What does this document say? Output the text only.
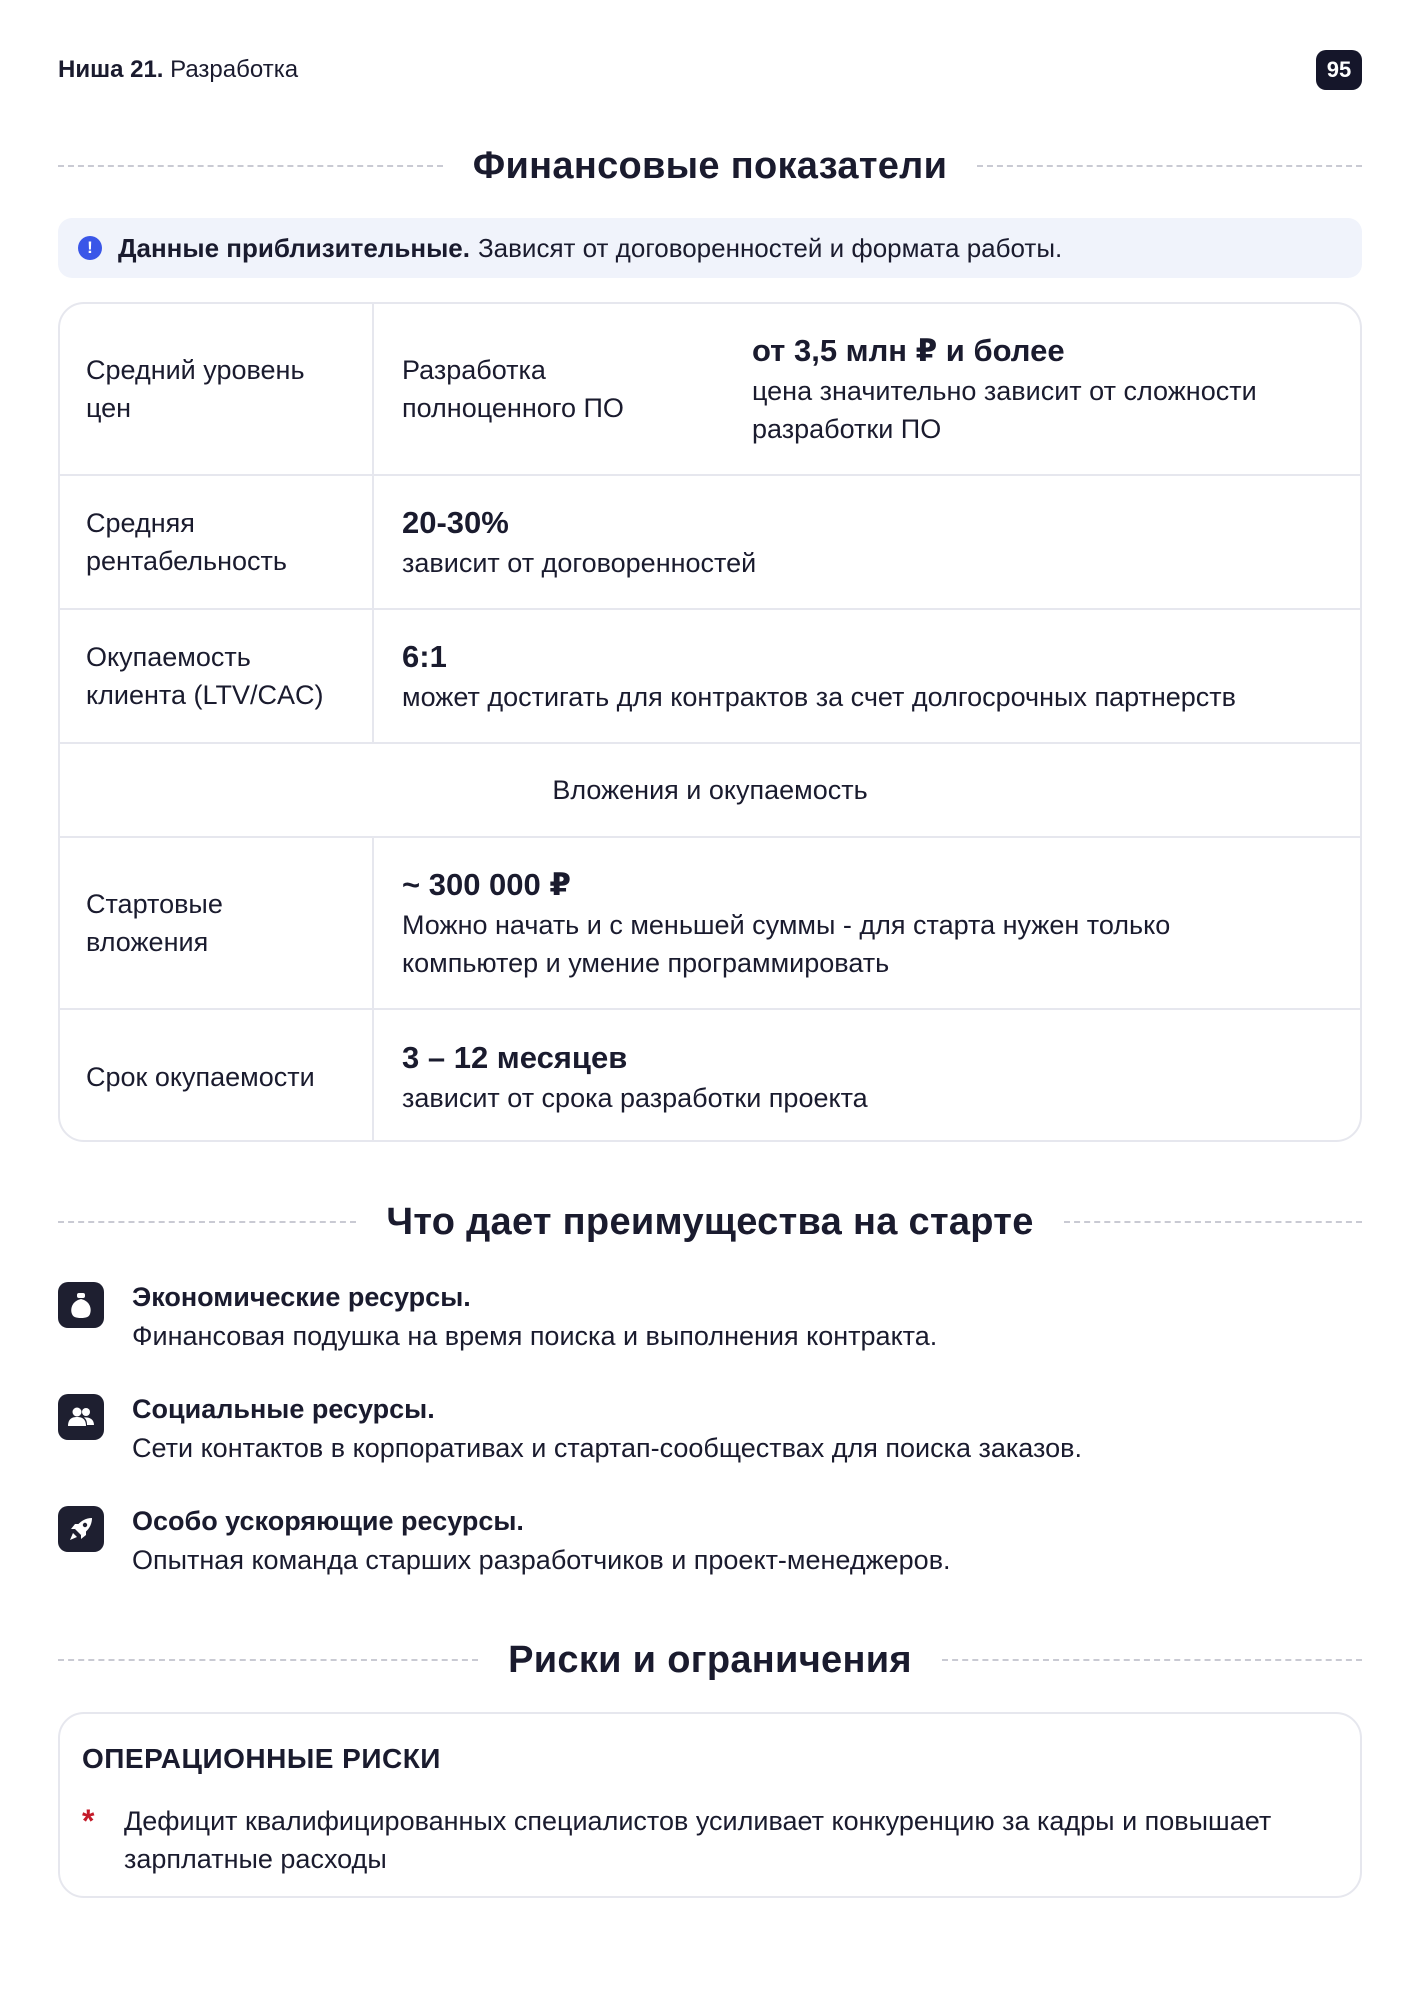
Ниша 21. Разработка	95
Финансовые показатели
! Данные приблизительные. Зависят от договоренностей и формата работы.
Средний уровень цен
Разработка полноценного ПО
от 3,5 млн ₽ и более
цена значительно зависит от сложности разработки ПО
Средняя рентабельность
20-30%
зависит от договоренностей
Окупаемость клиента (LTV/CAC)
6:1
может достигать для контрактов за счет долгосрочных партнерств
Вложения и окупаемость
Стартовые вложения
~ 300 000 ₽
Можно начать и с меньшей суммы - для старта нужен только компьютер и умение программировать
Срок окупаемости
3 – 12 месяцев
зависит от срока разработки проекта
Что дает преимущества на старте
Экономические ресурсы.
Финансовая подушка на время поиска и выполнения контракта.
Социальные ресурсы.
Сети контактов в корпоративах и стартап-сообществах для поиска заказов.
Особо ускоряющие ресурсы.
Опытная команда старших разработчиков и проект-менеджеров.
Риски и ограничения
ОПЕРАЦИОННЫЕ РИСКИ
* Дефицит квалифицированных специалистов усиливает конкуренцию за кадры и повышает зарплатные расходы
